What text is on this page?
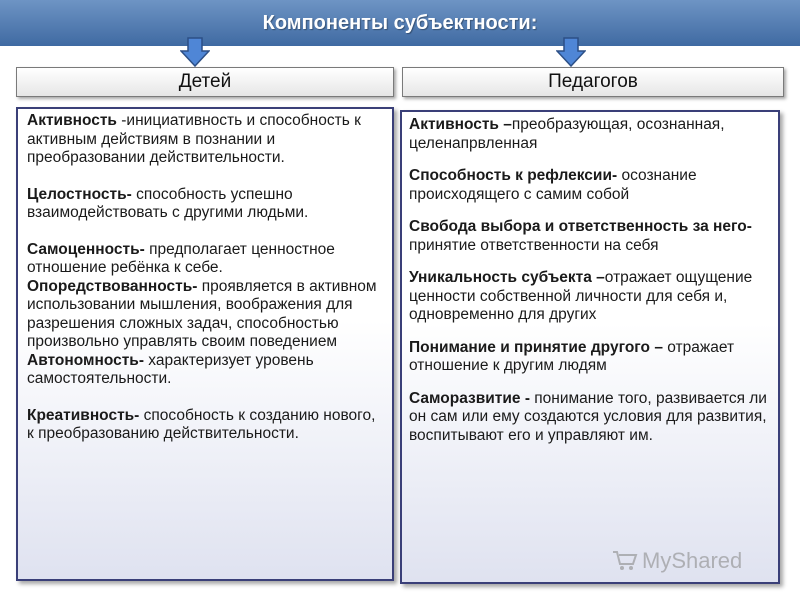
Компоненты субъектности:
Детей	Педагогов

Активность -инициативность и способность к активным действиям в познании и преобразовании действительности.

Целостность- способность успешно взаимодействовать с другими людьми.

Самоценность- предполагает ценностное отношение ребёнка к себе.

Опоредствованность- проявляется в активном использовании мышления, воображения для разрешения сложных задач, способностью произвольно управлять своим поведением

Автономность- характеризует уровень самостоятельности.

Креативность- способность к созданию нового, к преобразованию действительности.

Активность –преобразующая, осознанная, целенапрвленная

Способность к рефлексии- осознание происходящего с самим собой

Свобода выбора и ответственность за него- принятие ответственности на себя

Уникальность субъекта –отражает ощущение ценности собственной личности для себя и, одновременно для других

Понимание и принятие другого – отражает отношение к другим людям

Саморазвитие - понимание того, развивается ли он сам или ему создаются условия для развития, воспитывают его и управляют им.

MyShared
